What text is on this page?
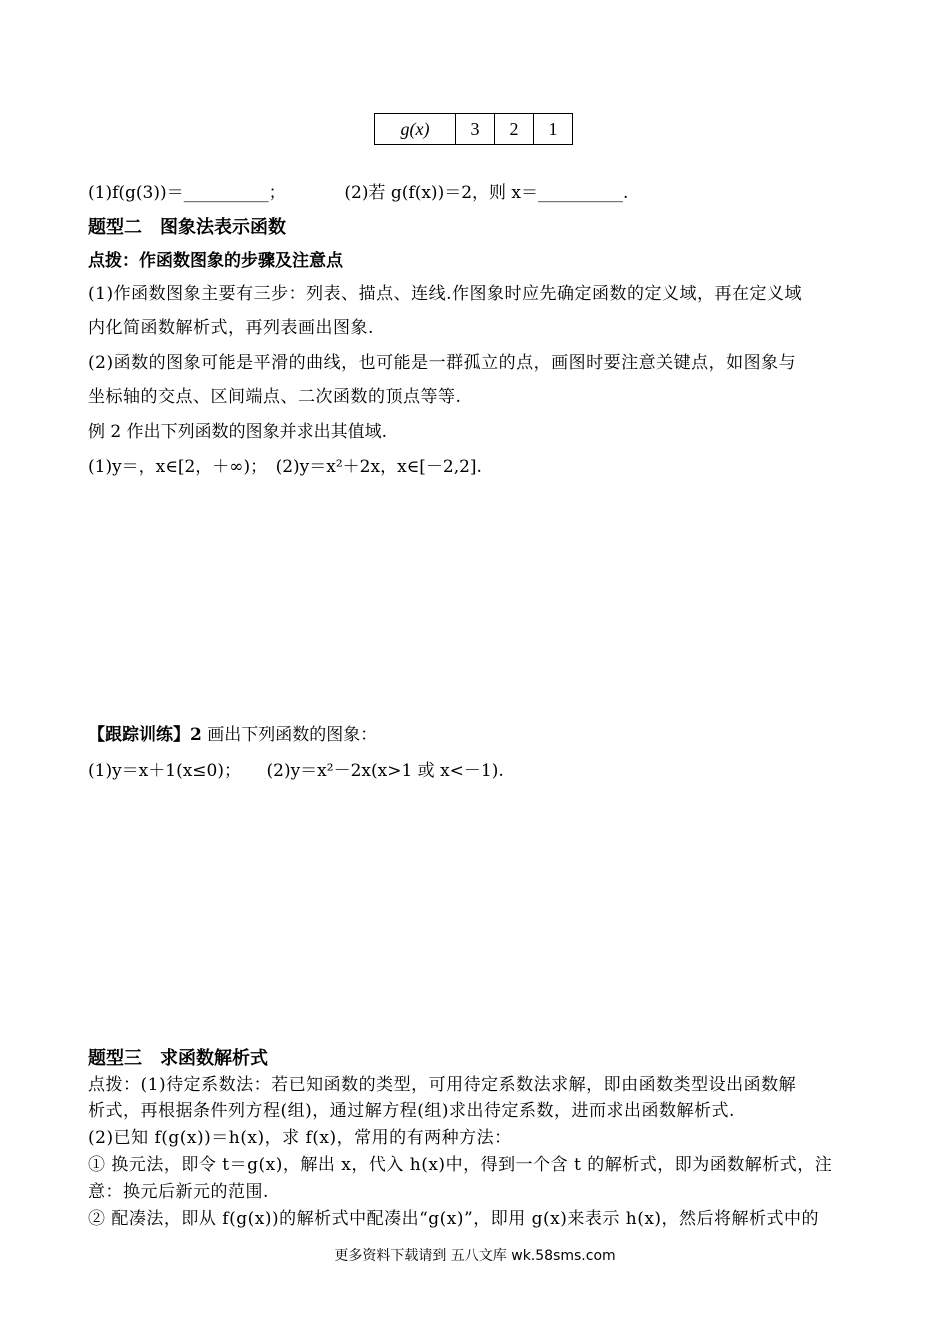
g(x)	3	2	1
(1)f(g(3))＝__________；	(2)若 g(f(x))＝2，则 x＝__________.
题型二　图象法表示函数
点拨：作函数图象的步骤及注意点
(1)作函数图象主要有三步：列表、描点、连线.作图象时应先确定函数的定义域，再在定义域
内化简函数解析式，再列表画出图象.
(2)函数的图象可能是平滑的曲线，也可能是一群孤立的点，画图时要注意关键点，如图象与
坐标轴的交点、区间端点、二次函数的顶点等等.
例 2 作出下列函数的图象并求出其值域.
(1)y＝，x∈[2，＋∞)；　(2)y＝x²＋2x，x∈[－2,2].
【跟踪训练】2 画出下列函数的图象：
(1)y＝x＋1(x≤0)；　　(2)y＝x²－2x(x>1 或 x<－1).
题型三　求函数解析式
点拨：(1)待定系数法：若已知函数的类型，可用待定系数法求解，即由函数类型设出函数解
析式，再根据条件列方程(组)，通过解方程(组)求出待定系数，进而求出函数解析式.
(2)已知 f(g(x))＝h(x)，求 f(x)，常用的有两种方法：
① 换元法，即令 t＝g(x)，解出 x，代入 h(x)中，得到一个含 t 的解析式，即为函数解析式，注
意：换元后新元的范围.
② 配凑法，即从 f(g(x))的解析式中配凑出“g(x)”，即用 g(x)来表示 h(x)，然后将解析式中的
更多资料下载请到 五八文库 wk.58sms.com
